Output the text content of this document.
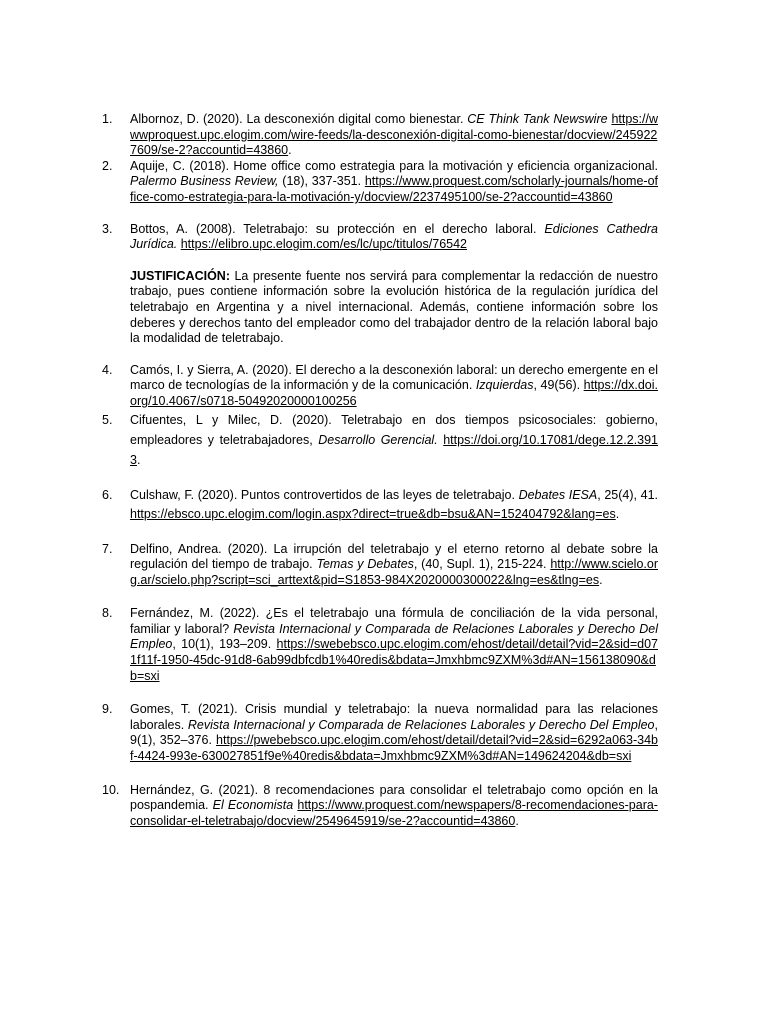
1.	Albornoz, D. (2020). La desconexión digital como bienestar. CE Think Tank Newswire https://wwwproquest.upc.elogim.com/wire-feeds/la-desconexión-digital-como-bienestar/docview/2459227609/se-2?accountid=43860.
2.	Aquije, C. (2018). Home office como estrategia para la motivación y eficiencia organizacional. Palermo Business Review, (18), 337-351. https://www.proquest.com/scholarly-journals/home-office-como-estrategia-para-la-motivación-y/docview/2237495100/se-2?accountid=43860
3.	Bottos, A. (2008). Teletrabajo: su protección en el derecho laboral. Ediciones Cathedra Jurídica. https://elibro.upc.elogim.com/es/lc/upc/titulos/76542
JUSTIFICACIÓN: La presente fuente nos servirá para complementar la redacción de nuestro trabajo, pues contiene información sobre la evolución histórica de la regulación jurídica del teletrabajo en Argentina y a nivel internacional. Además, contiene información sobre los deberes y derechos tanto del empleador como del trabajador dentro de la relación laboral bajo la modalidad de teletrabajo.
4.	Camós, I. y Sierra, A. (2020). El derecho a la desconexión laboral: un derecho emergente en el marco de tecnologías de la información y de la comunicación. Izquierdas, 49(56). https://dx.doi.org/10.4067/s0718-50492020000100256
5.	Cifuentes, L y Milec, D. (2020). Teletrabajo en dos tiempos psicosociales: gobierno, empleadores y teletrabajadores, Desarrollo Gerencial. https://doi.org/10.17081/dege.12.2.3913.
6.	Culshaw, F. (2020). Puntos controvertidos de las leyes de teletrabajo. Debates IESA, 25(4), 41. https://ebsco.upc.elogim.com/login.aspx?direct=true&db=bsu&AN=152404792&lang=es.
7.	Delfino, Andrea. (2020). La irrupción del teletrabajo y el eterno retorno al debate sobre la regulación del tiempo de trabajo. Temas y Debates, (40, Supl. 1), 215-224. http://www.scielo.org.ar/scielo.php?script=sci_arttext&pid=S1853-984X2020000300022&lng=es&tlng=es.
8.	Fernández, M. (2022). ¿Es el teletrabajo una fórmula de conciliación de la vida personal, familiar y laboral? Revista Internacional y Comparada de Relaciones Laborales y Derecho Del Empleo, 10(1), 193–209. https://swebebsco.upc.elogim.com/ehost/detail/detail?vid=2&sid=d071f11f-1950-45dc-91d8-6ab99dbfcdb1%40redis&bdata=Jmxhbmc9ZXM%3d#AN=156138090&db=sxi
9.	Gomes, T. (2021). Crisis mundial y teletrabajo: la nueva normalidad para las relaciones laborales. Revista Internacional y Comparada de Relaciones Laborales y Derecho Del Empleo, 9(1), 352–376. https://pwebebsco.upc.elogim.com/ehost/detail/detail?vid=2&sid=6292a063-34bf-4424-993e-630027851f9e%40redis&bdata=Jmxhbmc9ZXM%3d#AN=149624204&db=sxi
10. Hernández, G. (2021). 8 recomendaciones para consolidar el teletrabajo como opción en la pospandemia. El Economista https://www.proquest.com/newspapers/8-recomendaciones-para-consolidar-el-teletrabajo/docview/2549645919/se-2?accountid=43860.
